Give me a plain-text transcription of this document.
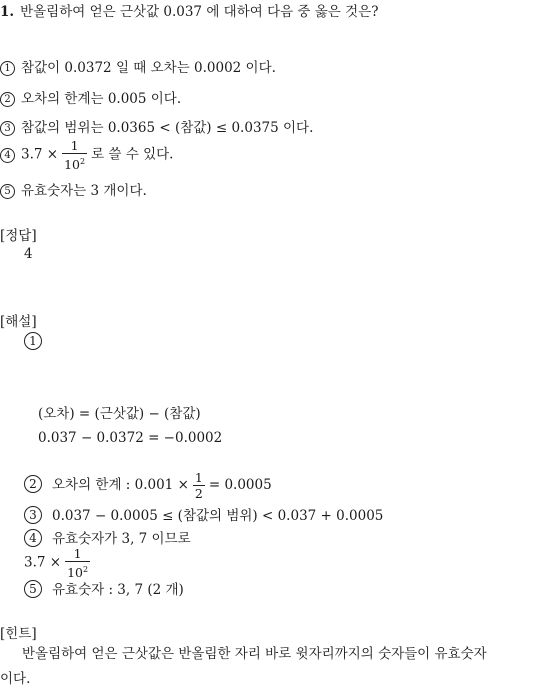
1. 반올림하여 얻은 근삿값 0.037 에 대하여 다음 중 옳은 것은?
1 참값이 0.0372 일 때 오차는 0.0002 이다.
2 오차의 한계는 0.005 이다.
3 참값의 범위는 0.0365 < (참값) ≤ 0.0375 이다.
4 $3.7 \times \frac{1}{10^2}$ 로 쓸 수 있다.
5 유효숫자는 3 개이다.
[정답]
4
[해설]
1
(오차) = (근삿값) − (참값)
0.037 − 0.0372 = −0.0002
2 오차의 한계 : $0.001 \times \frac{1}{2} = 0.0005$
3 0.037 − 0.0005 ≤ (참값의 범위) < 0.037 + 0.0005
4 유효숫자가 3, 7 이므로
$3.7 \times \frac{1}{10^2}$
5 유효숫자 : 3, 7 (2 개)
[힌트]
반올림하여 얻은 근삿값은 반올림한 자리 바로 윗자리까지의 숫자들이 유효숫자이다.
